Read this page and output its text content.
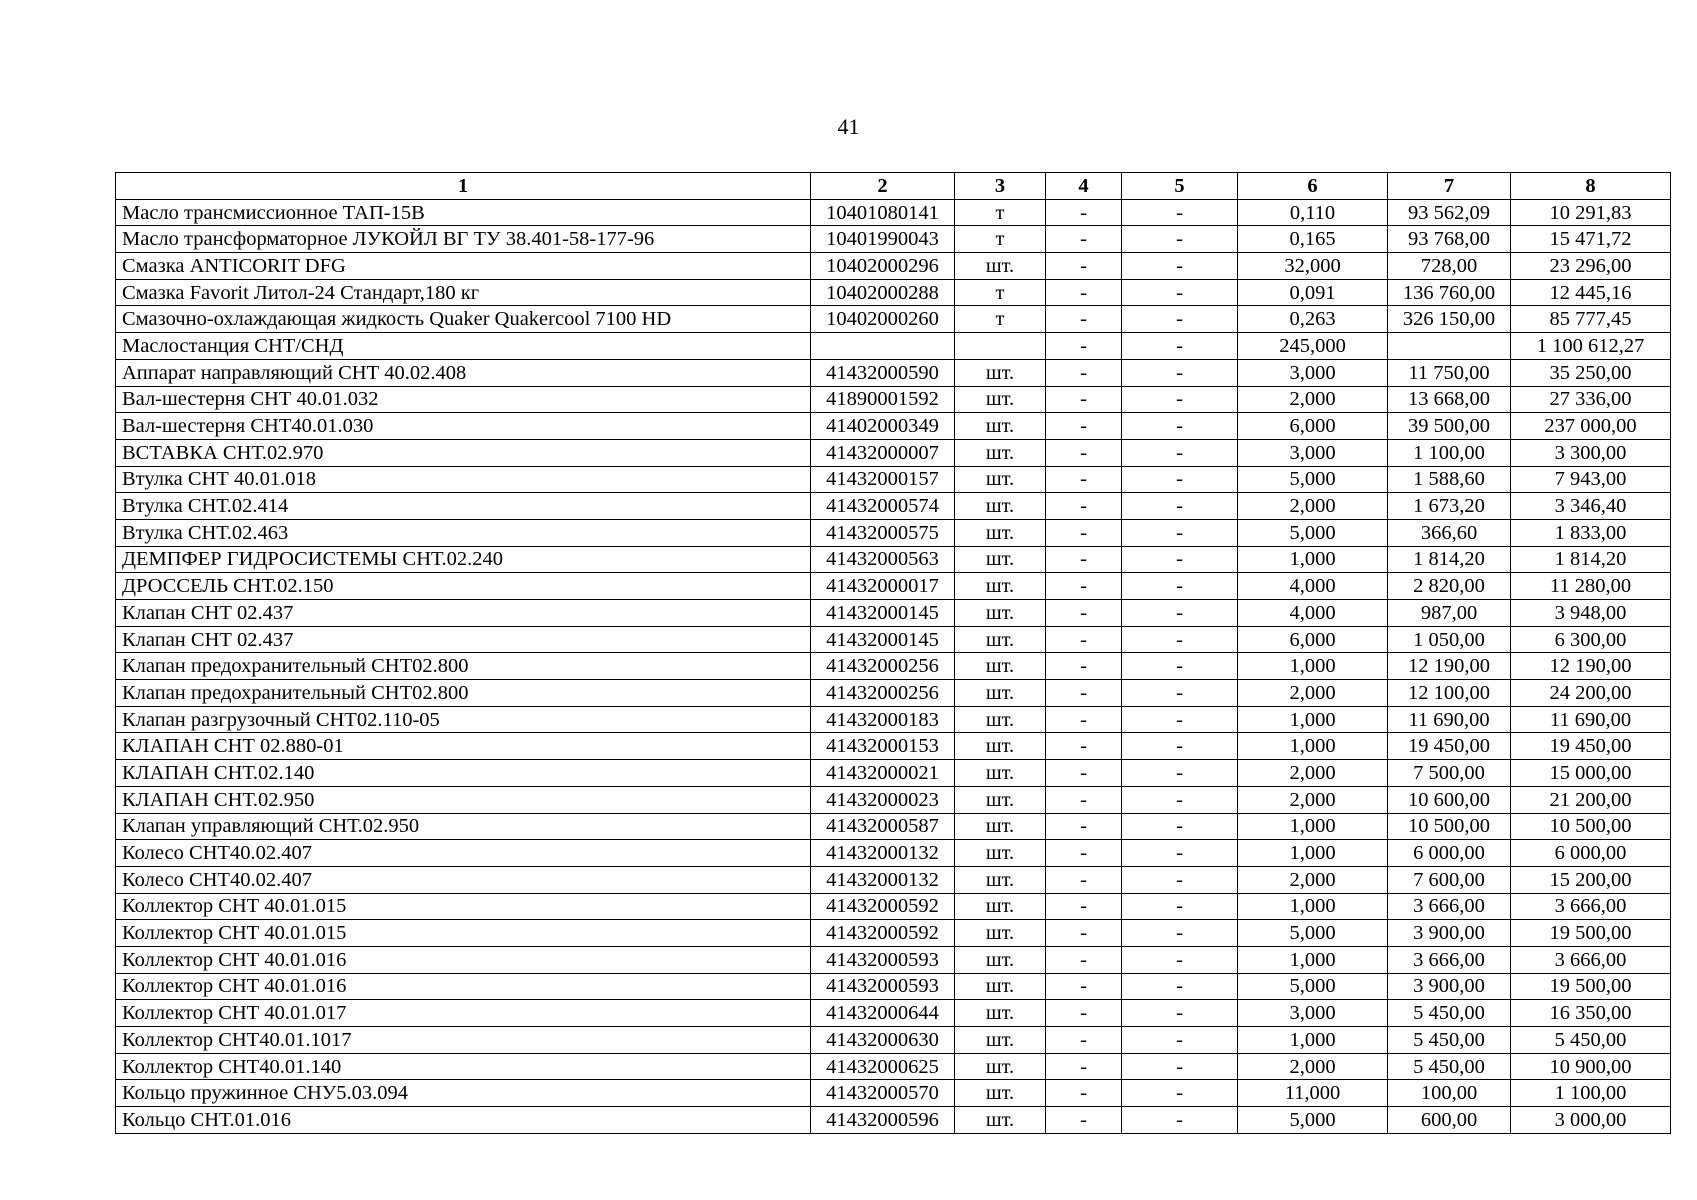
41
1	2	3	4	5	6	7	8
Масло трансмиссионное ТАП-15В	10401080141	т	-	-	0,110	93 562,09	10 291,83
Масло трансформаторное ЛУКОЙЛ ВГ ТУ 38.401-58-177-96	10401990043	т	-	-	0,165	93 768,00	15 471,72
Смазка ANTICORIT DFG	10402000296	шт.	-	-	32,000	728,00	23 296,00
Смазка Favorit Литол-24 Стандарт,180 кг	10402000288	т	-	-	0,091	136 760,00	12 445,16
Смазочно-охлаждающая жидкость Quaker Quakercool 7100 HD	10402000260	т	-	-	0,263	326 150,00	85 777,45
Маслостанция СНТ/СНД			-	-	245,000		1 100 612,27
Аппарат направляющий СНТ 40.02.408	41432000590	шт.	-	-	3,000	11 750,00	35 250,00
Вал-шестерня СНТ 40.01.032	41890001592	шт.	-	-	2,000	13 668,00	27 336,00
Вал-шестерня СНТ40.01.030	41402000349	шт.	-	-	6,000	39 500,00	237 000,00
ВСТАВКА СНТ.02.970	41432000007	шт.	-	-	3,000	1 100,00	3 300,00
Втулка СНТ 40.01.018	41432000157	шт.	-	-	5,000	1 588,60	7 943,00
Втулка СНТ.02.414	41432000574	шт.	-	-	2,000	1 673,20	3 346,40
Втулка СНТ.02.463	41432000575	шт.	-	-	5,000	366,60	1 833,00
ДЕМПФЕР ГИДРОСИСТЕМЫ СНТ.02.240	41432000563	шт.	-	-	1,000	1 814,20	1 814,20
ДРОССЕЛЬ СНТ.02.150	41432000017	шт.	-	-	4,000	2 820,00	11 280,00
Клапан СНТ 02.437	41432000145	шт.	-	-	4,000	987,00	3 948,00
Клапан СНТ 02.437	41432000145	шт.	-	-	6,000	1 050,00	6 300,00
Клапан предохранительный СНТ02.800	41432000256	шт.	-	-	1,000	12 190,00	12 190,00
Клапан предохранительный СНТ02.800	41432000256	шт.	-	-	2,000	12 100,00	24 200,00
Клапан разгрузочный СНТ02.110-05	41432000183	шт.	-	-	1,000	11 690,00	11 690,00
КЛАПАН СНТ 02.880-01	41432000153	шт.	-	-	1,000	19 450,00	19 450,00
КЛАПАН СНТ.02.140	41432000021	шт.	-	-	2,000	7 500,00	15 000,00
КЛАПАН СНТ.02.950	41432000023	шт.	-	-	2,000	10 600,00	21 200,00
Клапан управляющий СНТ.02.950	41432000587	шт.	-	-	1,000	10 500,00	10 500,00
Колесо СНТ40.02.407	41432000132	шт.	-	-	1,000	6 000,00	6 000,00
Колесо СНТ40.02.407	41432000132	шт.	-	-	2,000	7 600,00	15 200,00
Коллектор СНТ 40.01.015	41432000592	шт.	-	-	1,000	3 666,00	3 666,00
Коллектор СНТ 40.01.015	41432000592	шт.	-	-	5,000	3 900,00	19 500,00
Коллектор СНТ 40.01.016	41432000593	шт.	-	-	1,000	3 666,00	3 666,00
Коллектор СНТ 40.01.016	41432000593	шт.	-	-	5,000	3 900,00	19 500,00
Коллектор СНТ 40.01.017	41432000644	шт.	-	-	3,000	5 450,00	16 350,00
Коллектор СНТ40.01.1017	41432000630	шт.	-	-	1,000	5 450,00	5 450,00
Коллектор СНТ40.01.140	41432000625	шт.	-	-	2,000	5 450,00	10 900,00
Кольцо пружинное СНУ5.03.094	41432000570	шт.	-	-	11,000	100,00	1 100,00
Кольцо СНТ.01.016	41432000596	шт.	-	-	5,000	600,00	3 000,00
